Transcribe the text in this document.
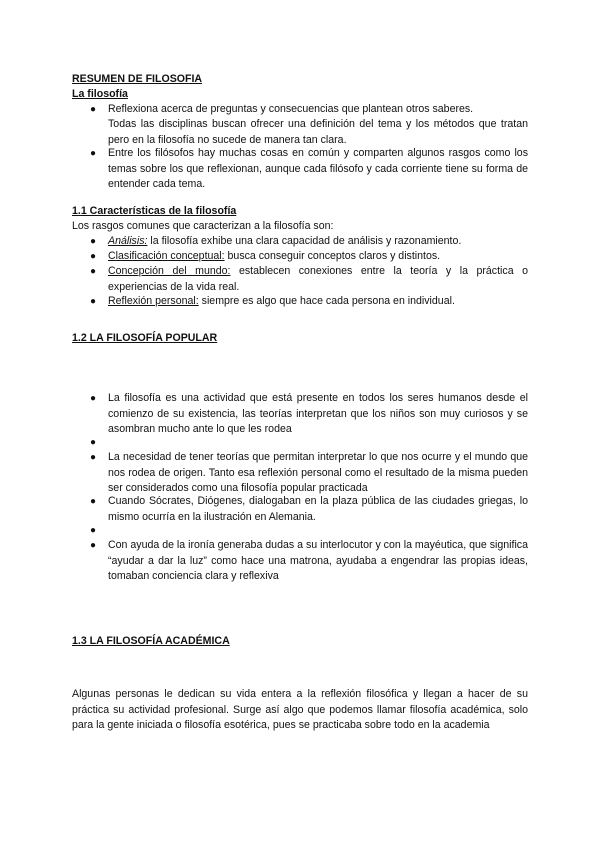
RESUMEN DE FILOSOFIA
La filosofía
● Reflexiona acerca de preguntas y consecuencias que plantean otros saberes.
Todas las disciplinas buscan ofrecer una definición del tema y los métodos que tratan pero en la filosofía no sucede de manera tan clara.
● Entre los filósofos hay muchas cosas en común y comparten algunos rasgos como los temas sobre los que reflexionan, aunque cada filósofo y cada corriente tiene su forma de entender cada tema.
1.1 Características de la filosofía
Los rasgos comunes que caracterizan a la filosofía son:
● Análisis: la filosofía exhibe una clara capacidad de análisis y razonamiento.
● Clasificación conceptual: busca conseguir conceptos claros y distintos.
● Concepción del mundo: establecen conexiones entre la teoría y la práctica o experiencias de la vida real.
● Reflexión personal: siempre es algo que hace cada persona en individual.
1.2 LA FILOSOFÍA POPULAR
● La filosofía es una actividad que está presente en todos los seres humanos desde el comienzo de su existencia, las teorías interpretan que los niños son muy curiosos y se asombran mucho ante lo que les rodea
●
● La necesidad de tener teorías que permitan interpretar lo que nos ocurre y el mundo que nos rodea de origen. Tanto esa reflexión personal como el resultado de la misma pueden ser considerados como una filosofía popular practicada
● Cuando Sócrates, Diógenes, dialogaban en la plaza pública de las ciudades griegas, lo mismo ocurría en la ilustración en Alemania.
●
● Con ayuda de la ironía generaba dudas a su interlocutor y con la mayéutica, que significa “ayudar a dar la luz” como hace una matrona, ayudaba a engendrar las propias ideas, tomaban conciencia clara y reflexiva
1.3 LA FILOSOFÍA ACADÉMICA
Algunas personas le dedican su vida entera a la reflexión filosófica y llegan a hacer de su práctica su actividad profesional. Surge así algo que podemos llamar filosofía académica, solo para la gente iniciada o filosofía esotérica, pues se practicaba sobre todo en la academia
